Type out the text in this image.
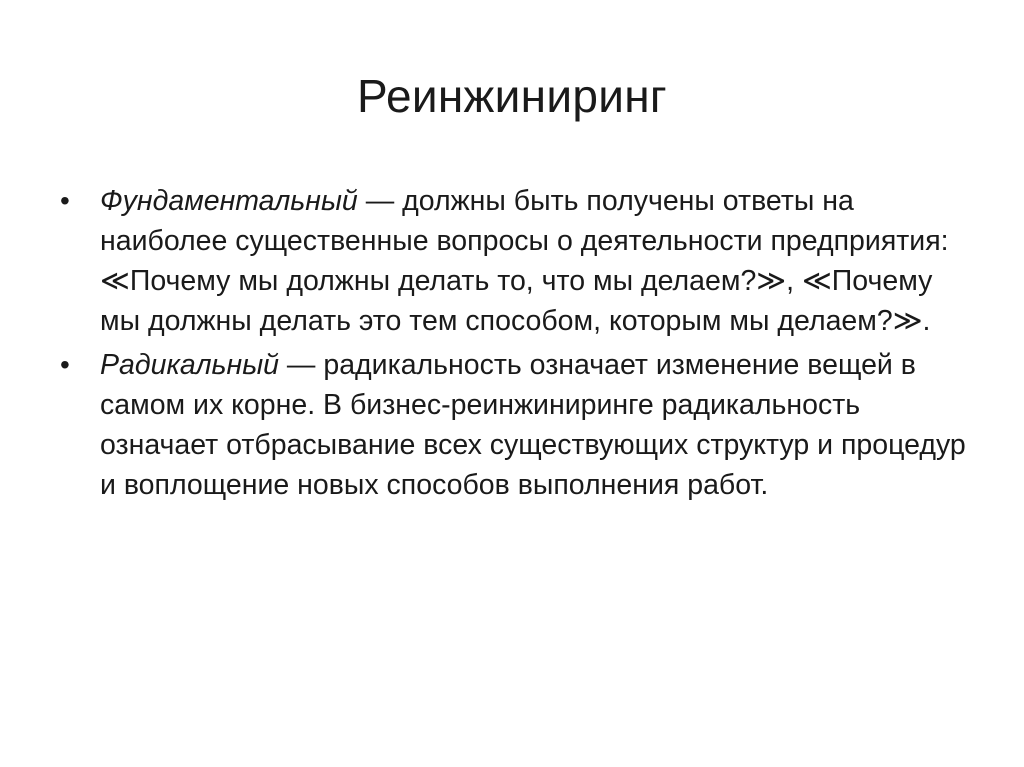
Реинжиниринг
• Фундаментальный — должны быть получены ответы на наиболее существенные вопросы о деятельности предприятия: ≪Почему мы должны делать то, что мы делаем?≫, ≪Почему мы должны делать это тем способом, которым мы делаем?≫.
• Радикальный — радикальность означает изменение вещей в самом их корне. В бизнес-реинжиниринге радикальность означает отбрасывание всех существующих структур и процедур и воплощение новых способов выполнения работ.
